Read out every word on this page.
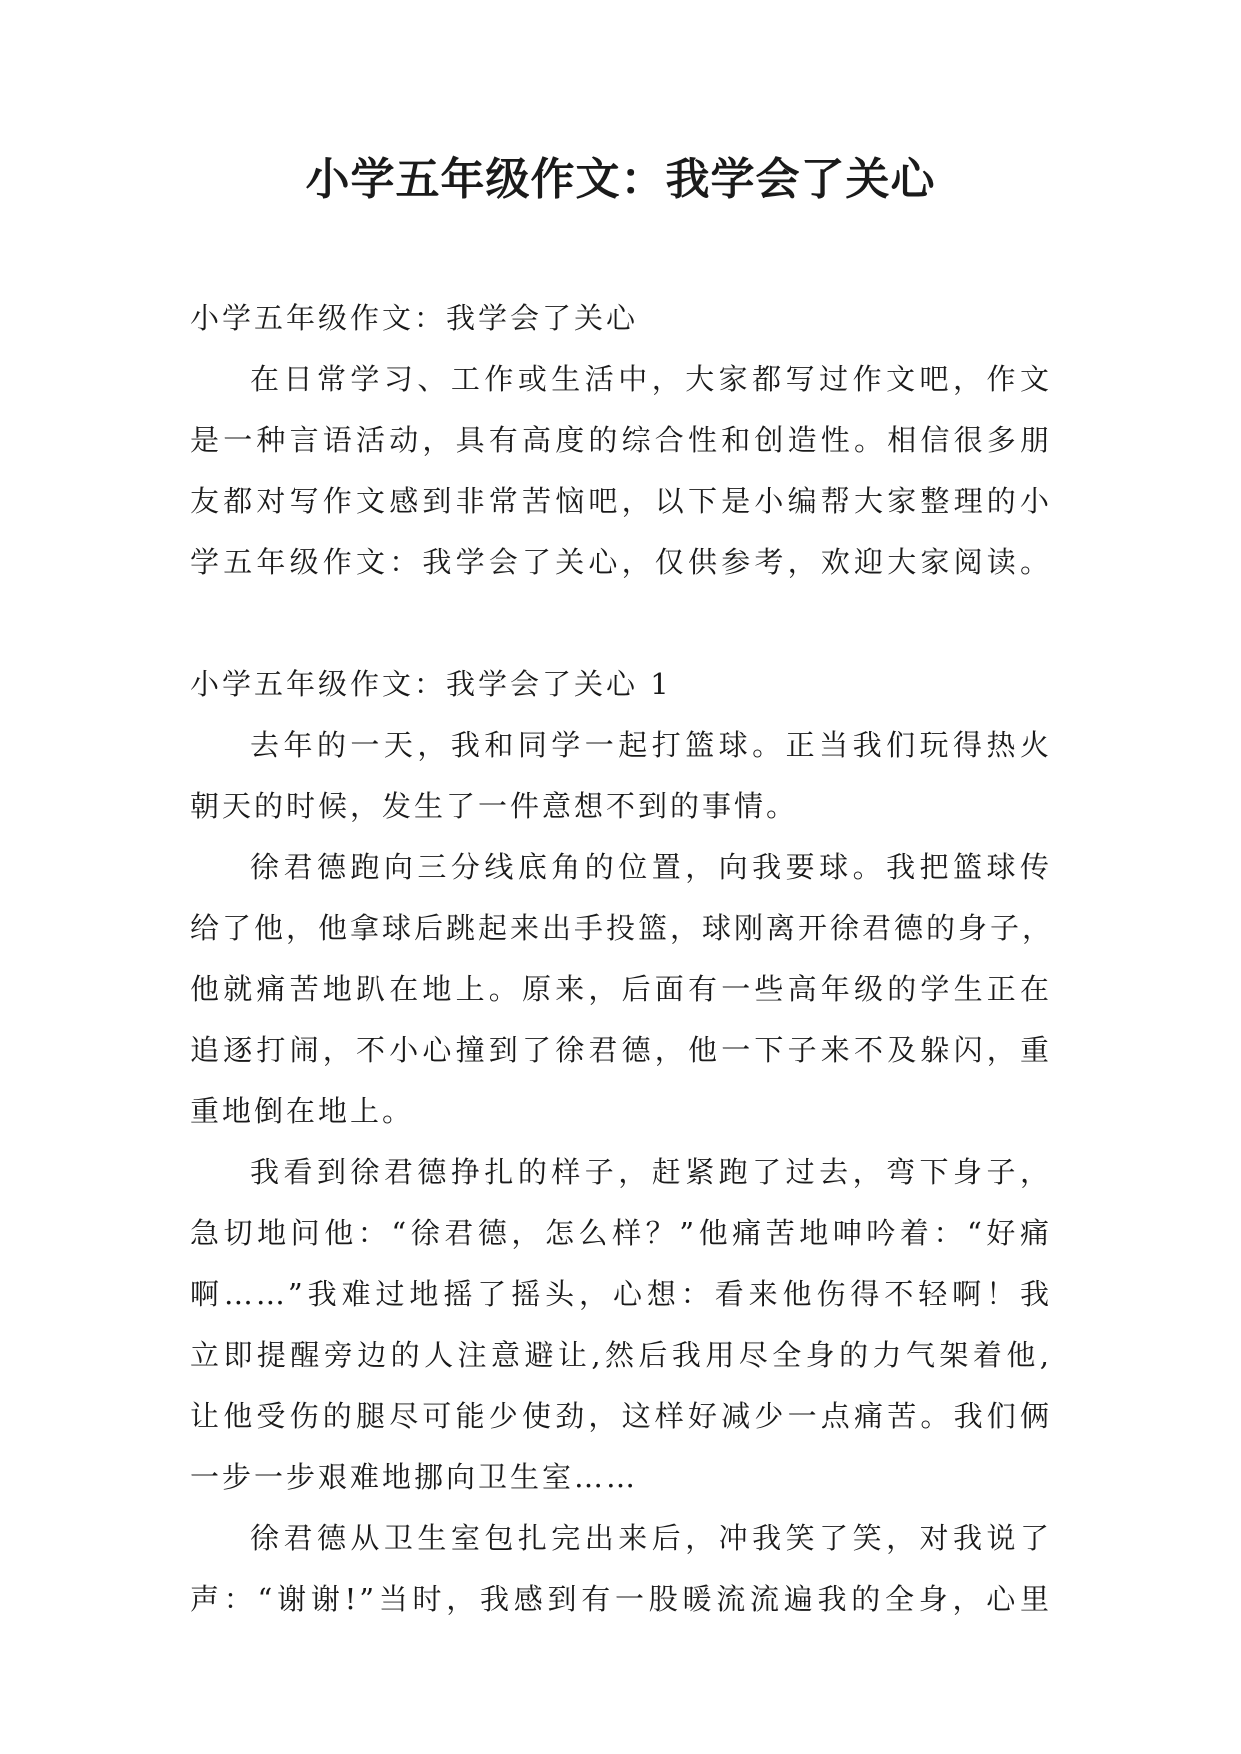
小学五年级作文：我学会了关心
小学五年级作文：我学会了关心
在日常学习、工作或生活中，大家都写过作文吧，作文
是一种言语活动，具有高度的综合性和创造性。相信很多朋
友都对写作文感到非常苦恼吧，以下是小编帮大家整理的小
学五年级作文：我学会了关心，仅供参考，欢迎大家阅读。
小学五年级作文：我学会了关心 1
去年的一天，我和同学一起打篮球。正当我们玩得热火
朝天的时候，发生了一件意想不到的事情。
徐君德跑向三分线底角的位置，向我要球。我把篮球传
给了他，他拿球后跳起来出手投篮，球刚离开徐君德的身子，
他就痛苦地趴在地上。原来，后面有一些高年级的学生正在
追逐打闹，不小心撞到了徐君德，他一下子来不及躲闪，重
重地倒在地上。
我看到徐君德挣扎的样子，赶紧跑了过去，弯下身子，
急切地问他：“徐君德，怎么样？”他痛苦地呻吟着：“好痛
啊……”我难过地摇了摇头，心想：看来他伤得不轻啊！我
立即提醒旁边的人注意避让,然后我用尽全身的力气架着他,
让他受伤的腿尽可能少使劲，这样好减少一点痛苦。我们俩
一步一步艰难地挪向卫生室……
徐君德从卫生室包扎完出来后，冲我笑了笑，对我说了
声：“谢谢!”当时，我感到有一股暖流流遍我的全身，心里
